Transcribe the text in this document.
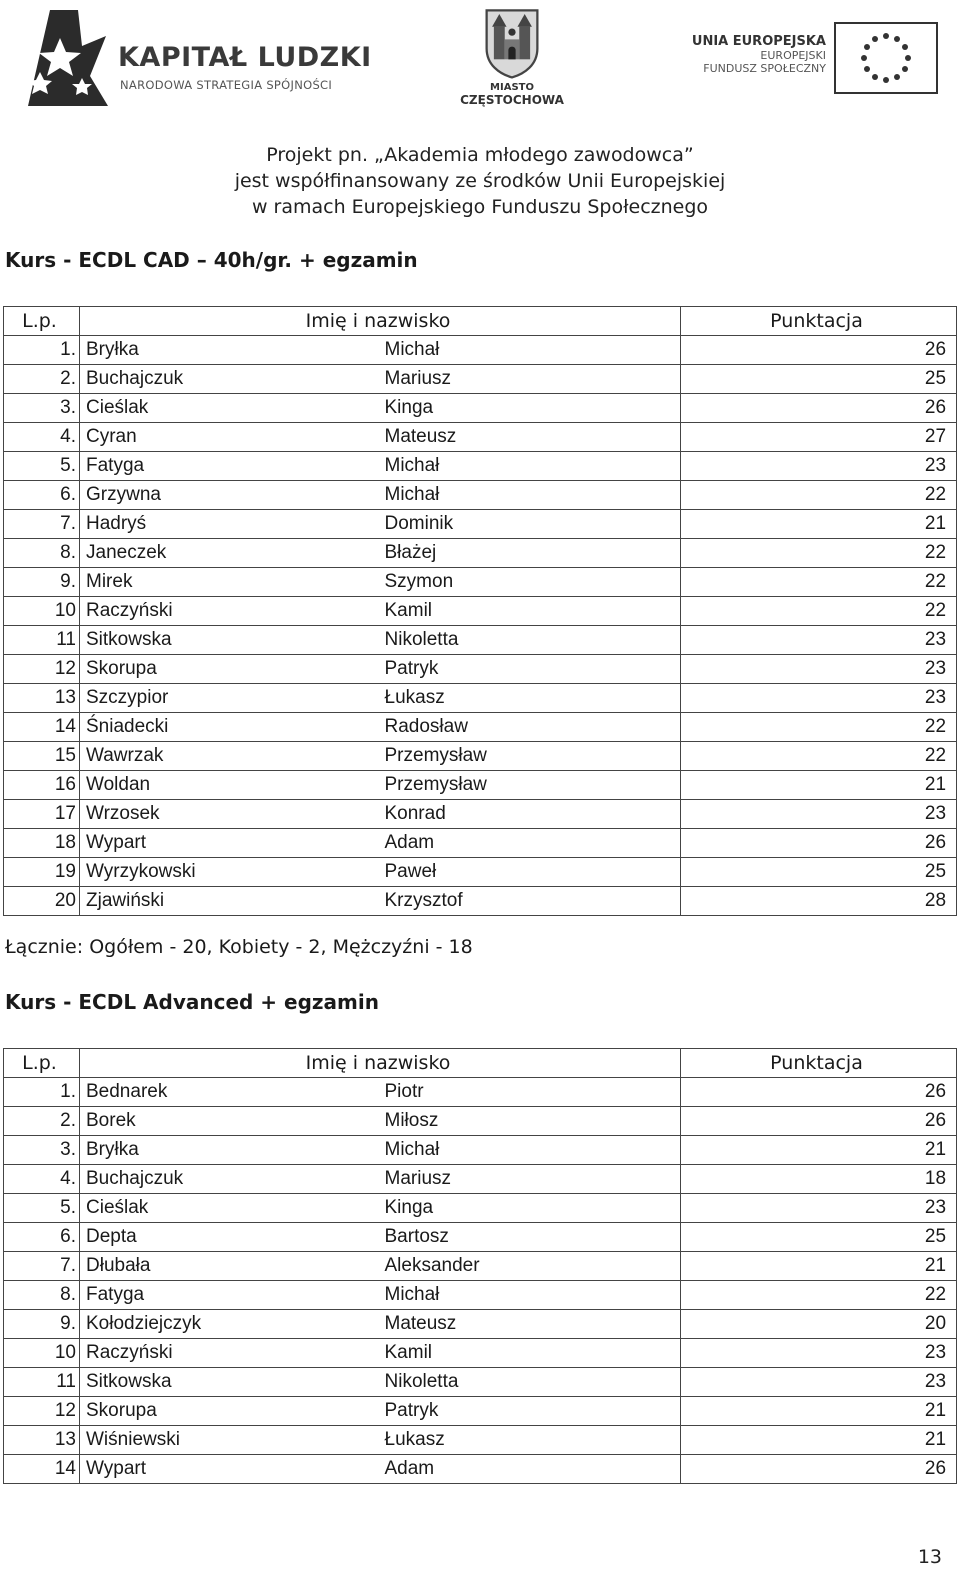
KAPITAŁ LUDZKI
NARODOWA STRATEGIA SPÓJNOŚCI	MIASTO
CZĘSTOCHOWA
UNIA EUROPEJSKA
EUROPEJSKI
FUNDUSZ SPOŁECZNY
Projekt pn. „Akademia młodego zawodowca”
jest współfinansowany ze środków Unii Europejskiej
w ramach Europejskiego Funduszu Społecznego
Kurs - ECDL CAD – 40h/gr. + egzamin
L.p.	Imię i nazwisko		Punktacja
1.	Bryłka	Michał	26
2.	Buchajczuk	Mariusz	25
3.	Cieślak	Kinga	26
4.	Cyran	Mateusz	27
5.	Fatyga	Michał	23
6.	Grzywna	Michał	22
7.	Hadryś	Dominik	21
8.	Janeczek	Błażej	22
9.	Mirek	Szymon	22
10	Raczyński	Kamil	22
11	Sitkowska	Nikoletta	23
12	Skorupa	Patryk	23
13	Szczypior	Łukasz	23
14	Śniadecki	Radosław	22
15	Wawrzak	Przemysław	22
16	Woldan	Przemysław	21
17	Wrzosek	Konrad	23
18	Wypart	Adam	26
19	Wyrzykowski	Paweł	25
20	Zjawiński	Krzysztof	28
Łącznie: Ogółem - 20, Kobiety - 2, Mężczyźni - 18
Kurs - ECDL Advanced + egzamin
L.p.	Imię i nazwisko		Punktacja
1.	Bednarek	Piotr	26
2.	Borek	Miłosz	26
3.	Bryłka	Michał	21
4.	Buchajczuk	Mariusz	18
5.	Cieślak	Kinga	23
6.	Depta	Bartosz	25
7.	Dłubała	Aleksander	21
8.	Fatyga	Michał	22
9.	Kołodziejczyk	Mateusz	20
10	Raczyński	Kamil	23
11	Sitkowska	Nikoletta	23
12	Skorupa	Patryk	21
13	Wiśniewski	Łukasz	21
14	Wypart	Adam	26
13
